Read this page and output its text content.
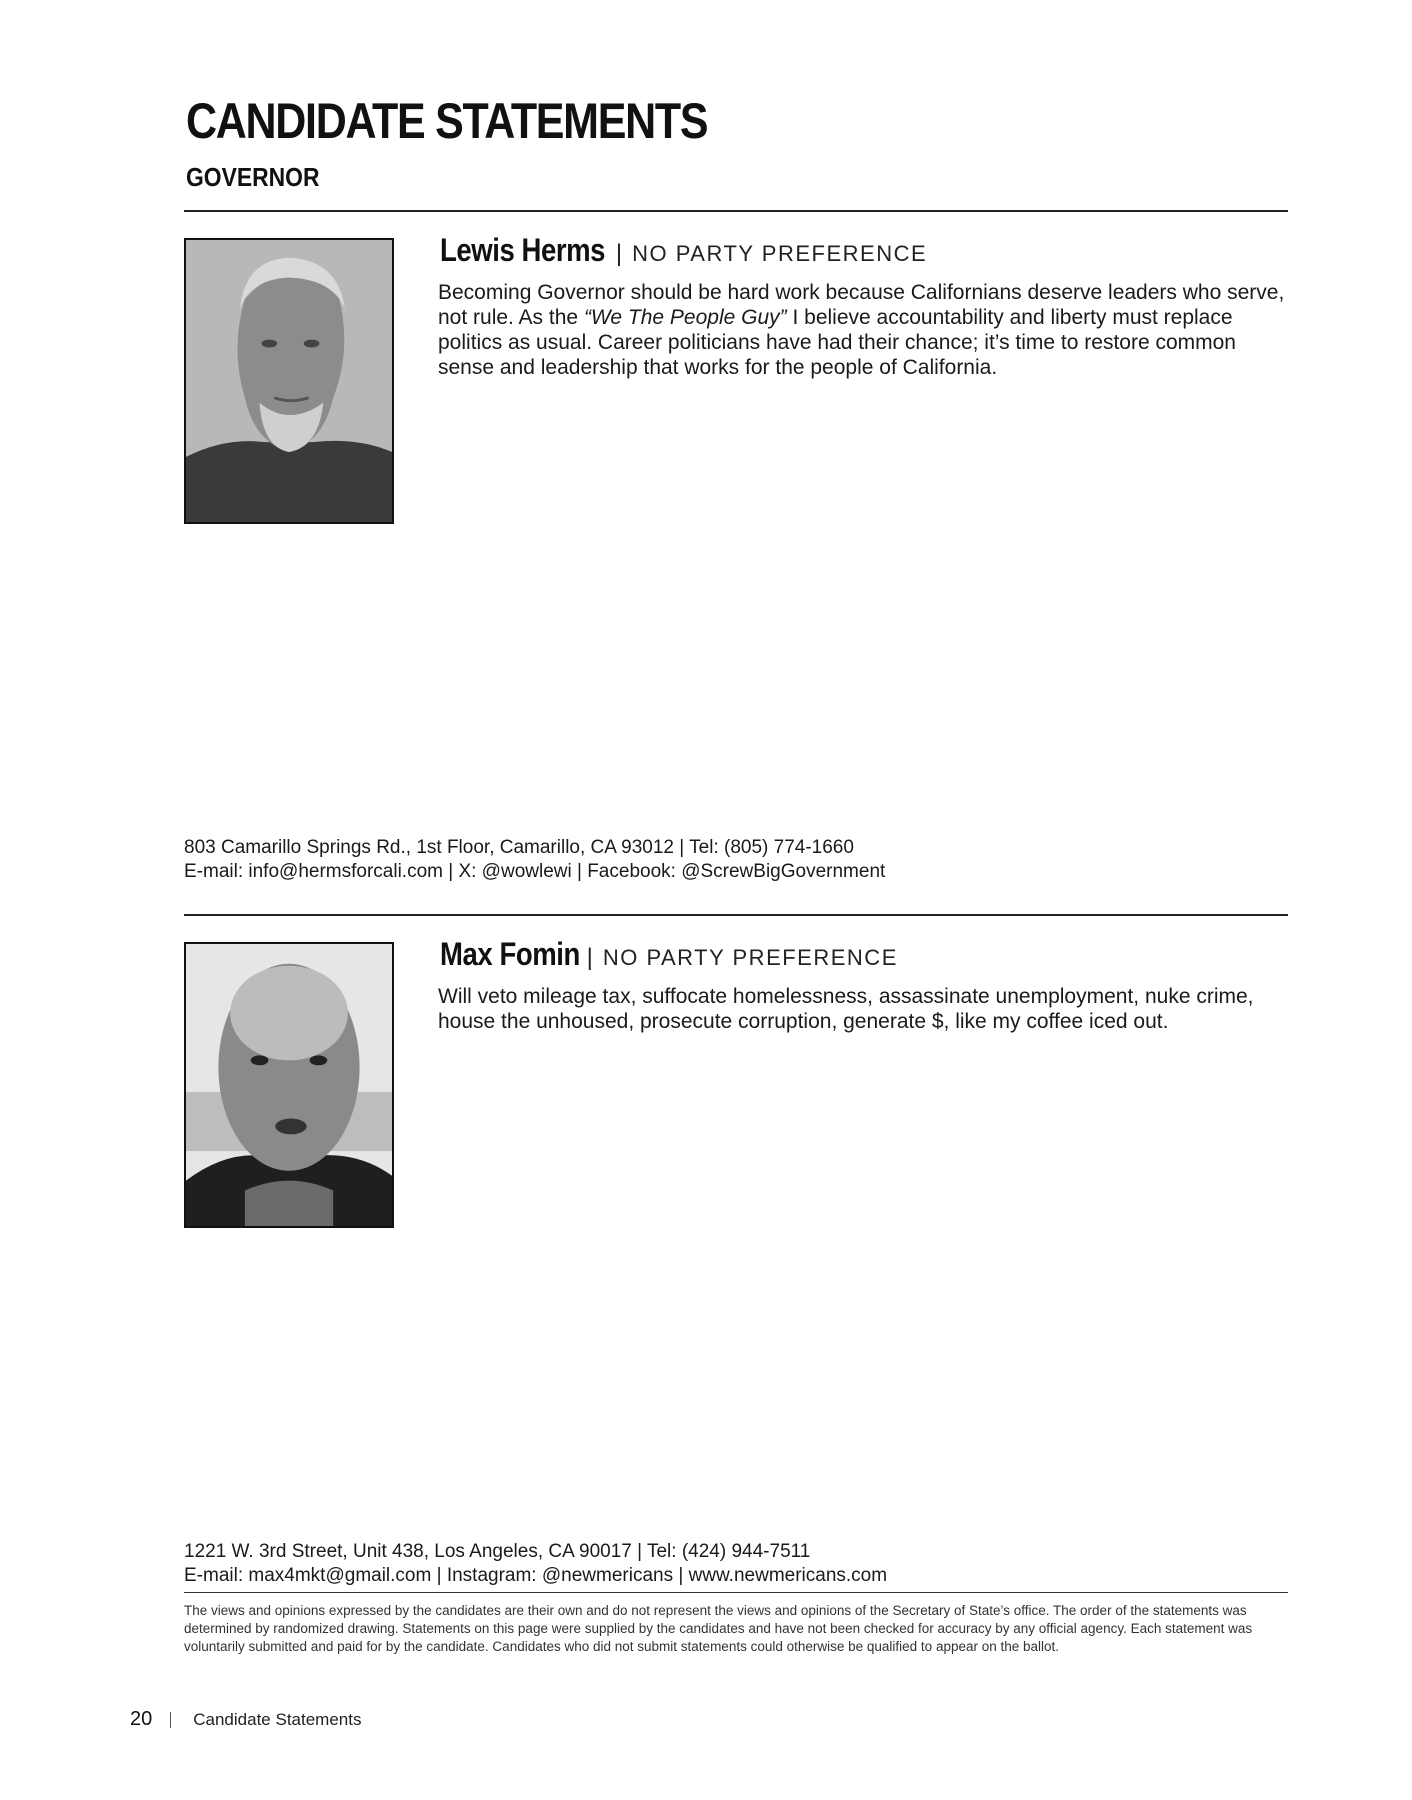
CANDIDATE STATEMENTS
GOVERNOR
Lewis Herms | NO PARTY PREFERENCE
Becoming Governor should be hard work because Californians deserve leaders who serve, not rule. As the “We The People Guy” I believe accountability and liberty must replace politics as usual. Career politicians have had their chance; it’s time to restore common sense and leadership that works for the people of California.
803 Camarillo Springs Rd., 1st Floor, Camarillo, CA 93012 | Tel: (805) 774-1660
E-mail: info@hermsforcali.com | X: @wowlewi | Facebook: @ScrewBigGovernment
Max Fomin | NO PARTY PREFERENCE
Will veto mileage tax, suffocate homelessness, assassinate unemployment, nuke crime, house the unhoused, prosecute corruption, generate $, like my coffee iced out.
1221 W. 3rd Street, Unit 438, Los Angeles, CA 90017 | Tel: (424) 944-7511
E-mail: max4mkt@gmail.com | Instagram: @newmericans | www.newmericans.com
The views and opinions expressed by the candidates are their own and do not represent the views and opinions of the Secretary of State’s office. The order of the statements was determined by randomized drawing. Statements on this page were supplied by the candidates and have not been checked for accuracy by any official agency. Each statement was voluntarily submitted and paid for by the candidate. Candidates who did not submit statements could otherwise be qualified to appear on the ballot.
20 Candidate Statements
